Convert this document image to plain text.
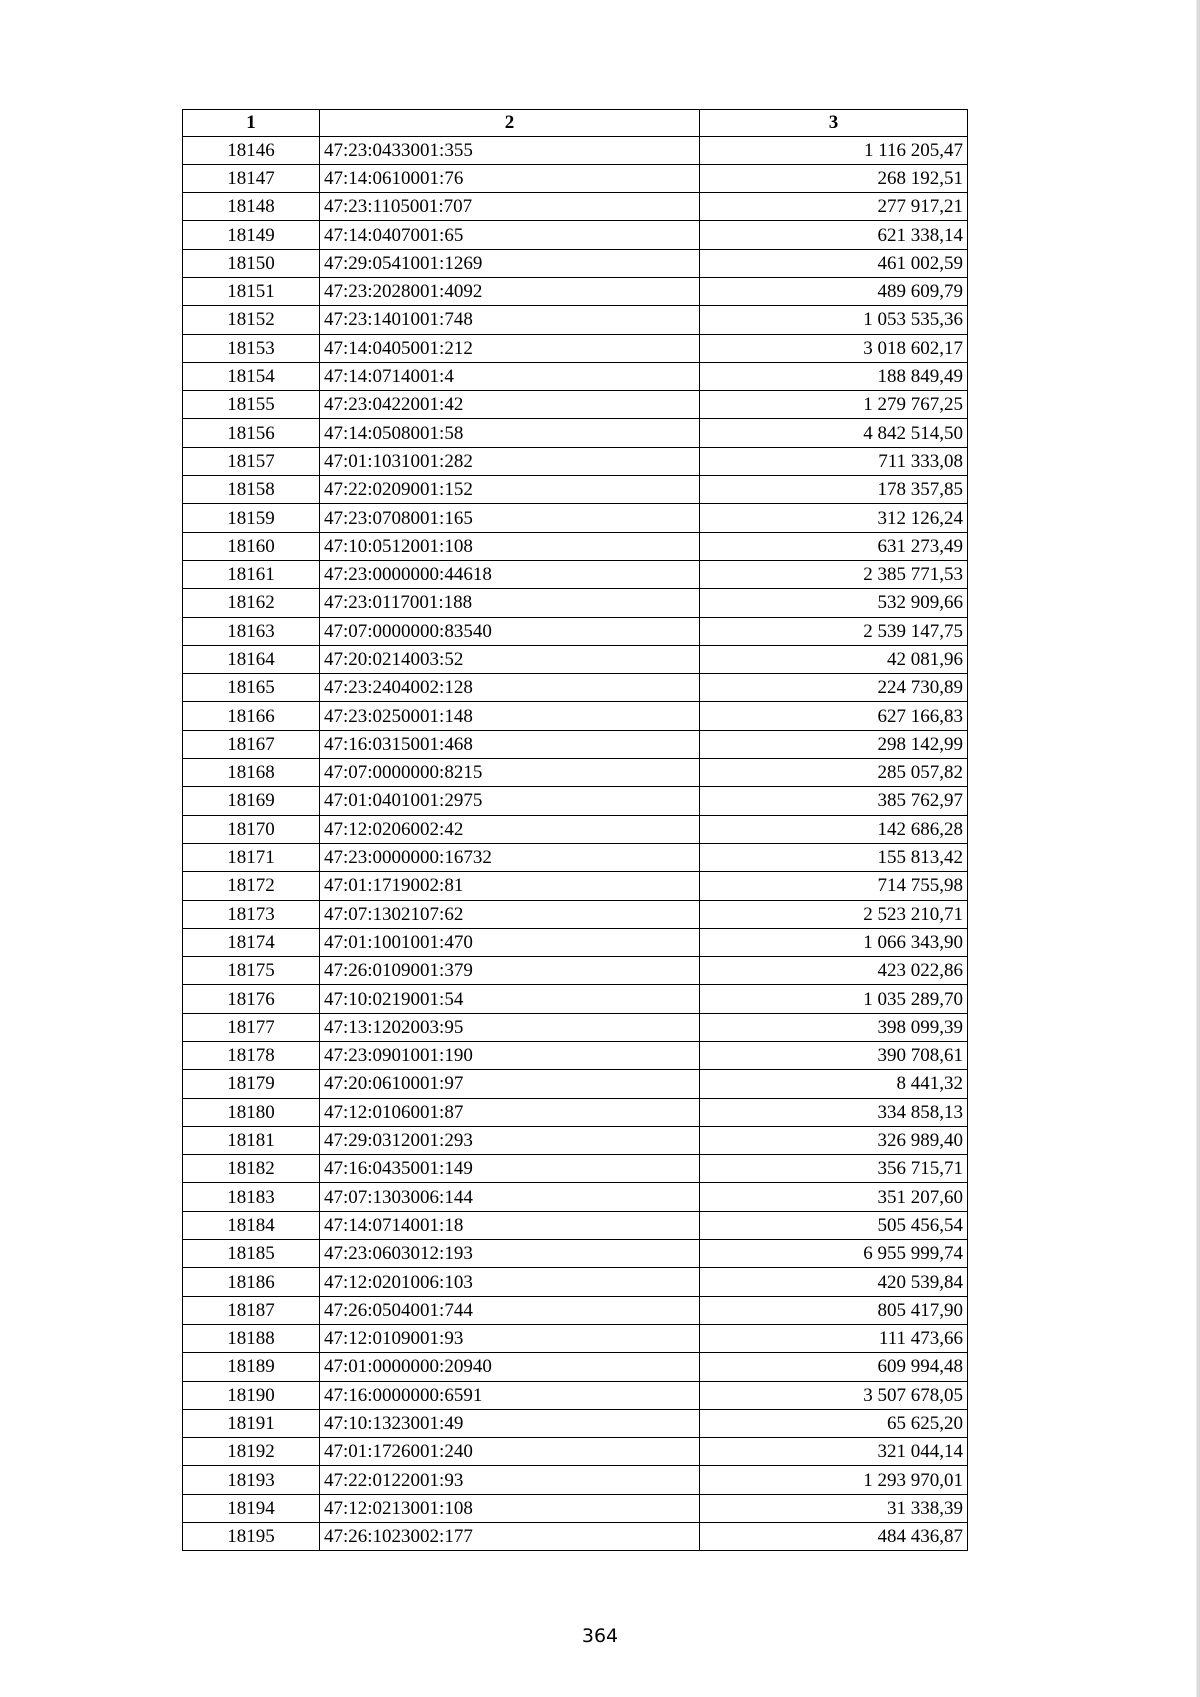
1	2	3
18146	47:23:0433001:355	1 116 205,47
18147	47:14:0610001:76	268 192,51
18148	47:23:1105001:707	277 917,21
18149	47:14:0407001:65	621 338,14
18150	47:29:0541001:1269	461 002,59
18151	47:23:2028001:4092	489 609,79
18152	47:23:1401001:748	1 053 535,36
18153	47:14:0405001:212	3 018 602,17
18154	47:14:0714001:4	188 849,49
18155	47:23:0422001:42	1 279 767,25
18156	47:14:0508001:58	4 842 514,50
18157	47:01:1031001:282	711 333,08
18158	47:22:0209001:152	178 357,85
18159	47:23:0708001:165	312 126,24
18160	47:10:0512001:108	631 273,49
18161	47:23:0000000:44618	2 385 771,53
18162	47:23:0117001:188	532 909,66
18163	47:07:0000000:83540	2 539 147,75
18164	47:20:0214003:52	42 081,96
18165	47:23:2404002:128	224 730,89
18166	47:23:0250001:148	627 166,83
18167	47:16:0315001:468	298 142,99
18168	47:07:0000000:8215	285 057,82
18169	47:01:0401001:2975	385 762,97
18170	47:12:0206002:42	142 686,28
18171	47:23:0000000:16732	155 813,42
18172	47:01:1719002:81	714 755,98
18173	47:07:1302107:62	2 523 210,71
18174	47:01:1001001:470	1 066 343,90
18175	47:26:0109001:379	423 022,86
18176	47:10:0219001:54	1 035 289,70
18177	47:13:1202003:95	398 099,39
18178	47:23:0901001:190	390 708,61
18179	47:20:0610001:97	8 441,32
18180	47:12:0106001:87	334 858,13
18181	47:29:0312001:293	326 989,40
18182	47:16:0435001:149	356 715,71
18183	47:07:1303006:144	351 207,60
18184	47:14:0714001:18	505 456,54
18185	47:23:0603012:193	6 955 999,74
18186	47:12:0201006:103	420 539,84
18187	47:26:0504001:744	805 417,90
18188	47:12:0109001:93	111 473,66
18189	47:01:0000000:20940	609 994,48
18190	47:16:0000000:6591	3 507 678,05
18191	47:10:1323001:49	65 625,20
18192	47:01:1726001:240	321 044,14
18193	47:22:0122001:93	1 293 970,01
18194	47:12:0213001:108	31 338,39
18195	47:26:1023002:177	484 436,87
364
